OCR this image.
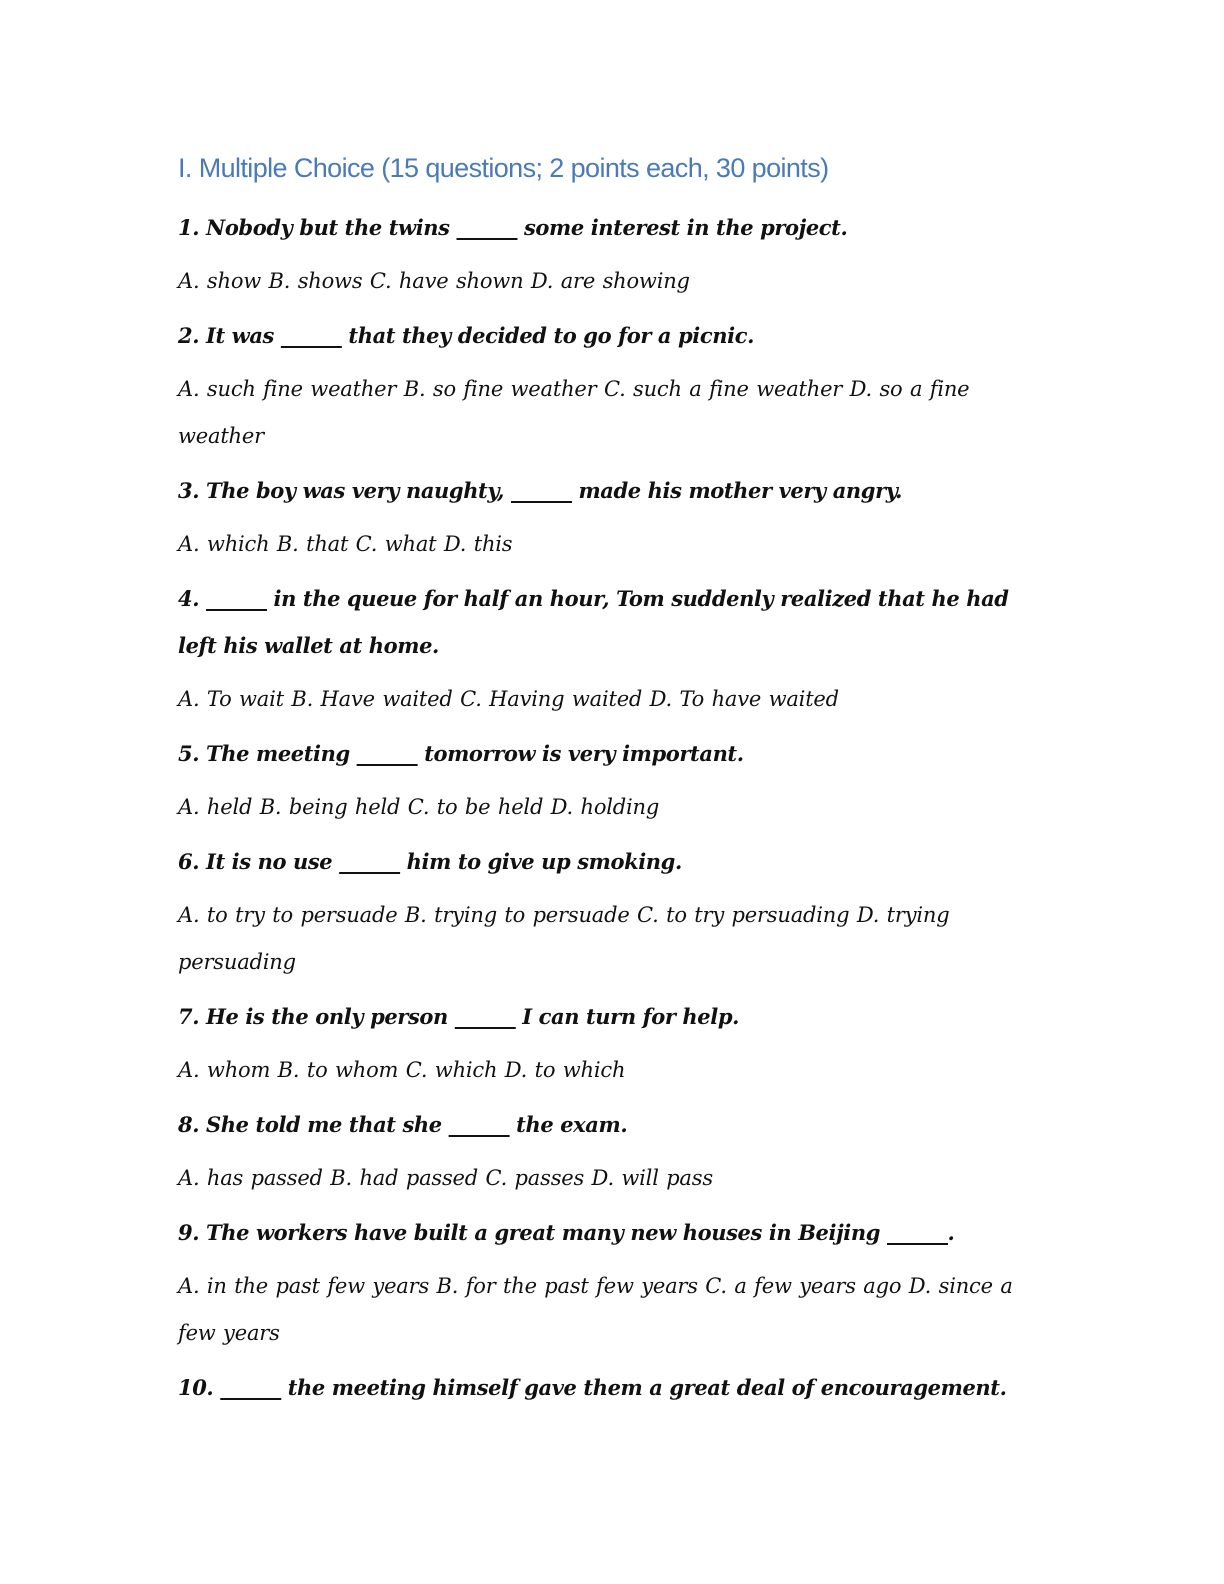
I. Multiple Choice (15 questions; 2 points each, 30 points)

1. Nobody but the twins ______ some interest in the project.

A. show B. shows C. have shown D. are showing

2. It was ______ that they decided to go for a picnic.

A. such fine weather B. so fine weather C. such a fine weather D. so a fine weather

3. The boy was very naughty, ______ made his mother very angry.

A. which B. that C. what D. this

4. ______ in the queue for half an hour, Tom suddenly realized that he had left his wallet at home.

A. To wait B. Have waited C. Having waited D. To have waited

5. The meeting ______ tomorrow is very important.

A. held B. being held C. to be held D. holding

6. It is no use ______ him to give up smoking.

A. to try to persuade B. trying to persuade C. to try persuading D. trying persuading

7. He is the only person ______ I can turn for help.

A. whom B. to whom C. which D. to which

8. She told me that she ______ the exam.

A. has passed B. had passed C. passes D. will pass

9. The workers have built a great many new houses in Beijing ______.

A. in the past few years B. for the past few years C. a few years ago D. since a few years

10. ______ the meeting himself gave them a great deal of encouragement.
